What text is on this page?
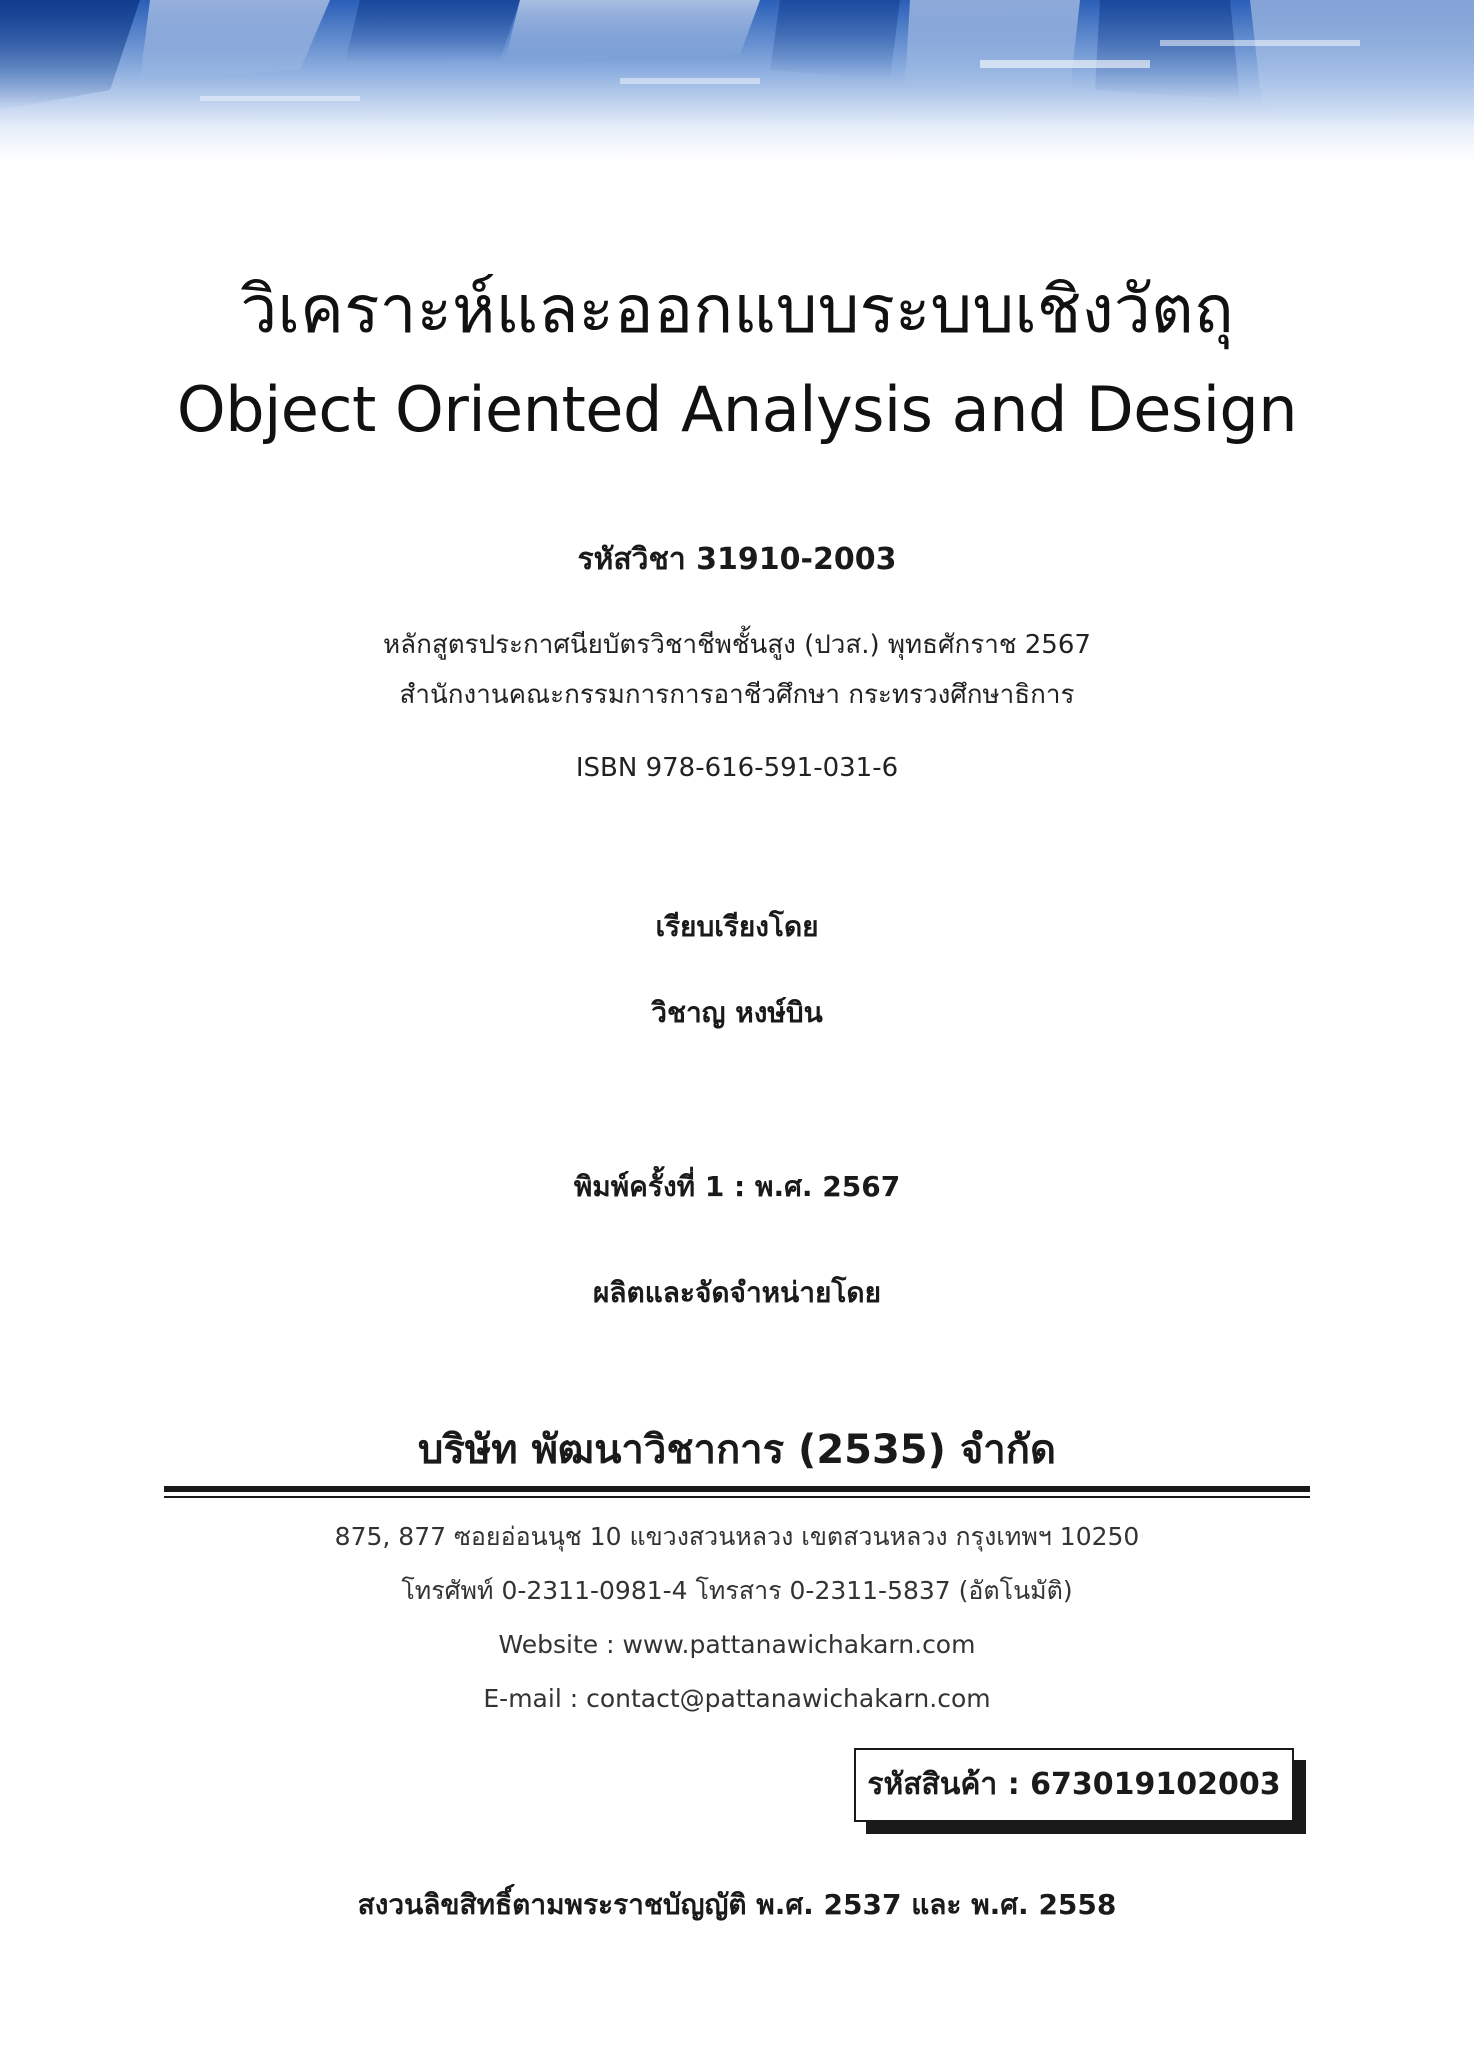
วิเคราะห์และออกแบบระบบเชิงวัตถุ
Object Oriented Analysis and Design
รหัสวิชา 31910-2003
หลักสูตรประกาศนียบัตรวิชาชีพชั้นสูง (ปวส.) พุทธศักราช 2567
สำนักงานคณะกรรมการการอาชีวศึกษา กระทรวงศึกษาธิการ
ISBN 978-616-591-031-6
เรียบเรียงโดย
วิชาญ หงษ์บิน
พิมพ์ครั้งที่ 1 : พ.ศ. 2567
ผลิตและจัดจำหน่ายโดย
บริษัท พัฒนาวิชาการ (2535) จำกัด
875, 877 ซอยอ่อนนุช 10 แขวงสวนหลวง เขตสวนหลวง กรุงเทพฯ 10250
โทรศัพท์ 0-2311-0981-4 โทรสาร 0-2311-5837 (อัตโนมัติ)
Website : www.pattanawichakarn.com
E-mail : contact@pattanawichakarn.com
รหัสสินค้า : 673019102003
สงวนลิขสิทธิ์ตามพระราชบัญญัติ พ.ศ. 2537 และ พ.ศ. 2558
